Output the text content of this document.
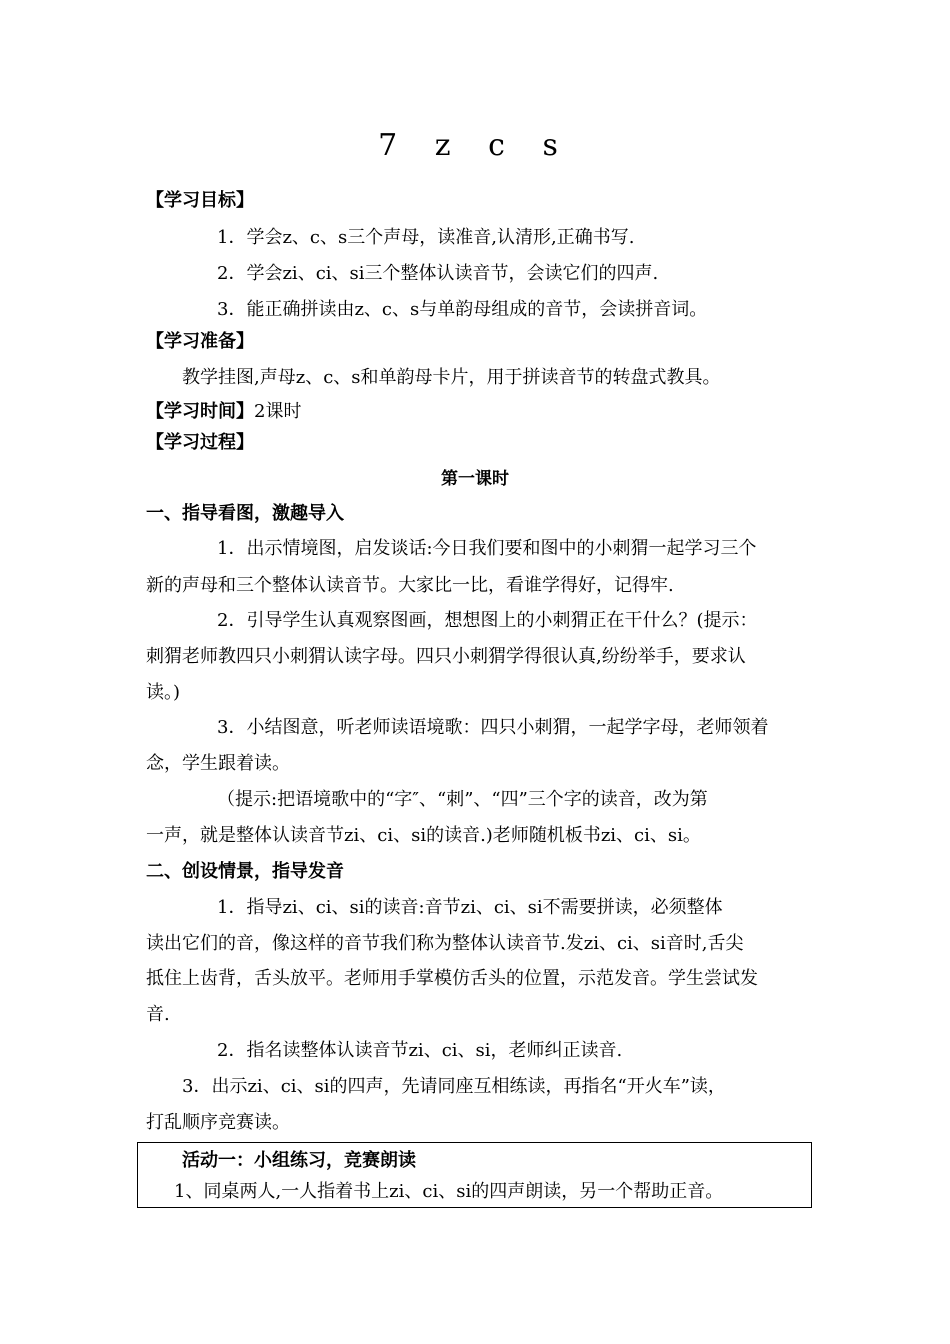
7 z c s
【学习目标】
1．学会z、c、s三个声母，读准音,认清形,正确书写.
2．学会zi、ci、si三个整体认读音节，会读它们的四声.
3．能正确拼读由z、c、s与单韵母组成的音节，会读拼音词。
【学习准备】
教学挂图,声母z、c、s和单韵母卡片，用于拼读音节的转盘式教具。
【学习时间】2课时
【学习过程】
第一课时
一、指导看图，激趣导入
1．出示情境图，启发谈话:今日我们要和图中的小刺猬一起学习三个
新的声母和三个整体认读音节。大家比一比，看谁学得好，记得牢.
2．引导学生认真观察图画，想想图上的小刺猬正在干什么？(提示：
刺猬老师教四只小刺猬认读字母。四只小刺猬学得很认真,纷纷举手，要求认
读。)
3．小结图意，听老师读语境歌：四只小刺猬，一起学字母，老师领着
念，学生跟着读。
（提示:把语境歌中的“字″、“刺”、“四”三个字的读音，改为第
一声，就是整体认读音节zi、ci、si的读音.)老师随机板书zi、ci、si。
二、创设情景，指导发音
1．指导zi、ci、si的读音:音节zi、ci、si不需要拼读，必须整体
读出它们的音，像这样的音节我们称为整体认读音节.发zi、ci、si音时,舌尖
抵住上齿背，舌头放平。老师用手掌模仿舌头的位置，示范发音。学生尝试发
音.
2．指名读整体认读音节zi、ci、si，老师纠正读音.
3．出示zi、ci、si的四声，先请同座互相练读，再指名“开火车”读，
打乱顺序竞赛读。
活动一：小组练习，竞赛朗读
1、同桌两人,一人指着书上zi、ci、si的四声朗读，另一个帮助正音。
